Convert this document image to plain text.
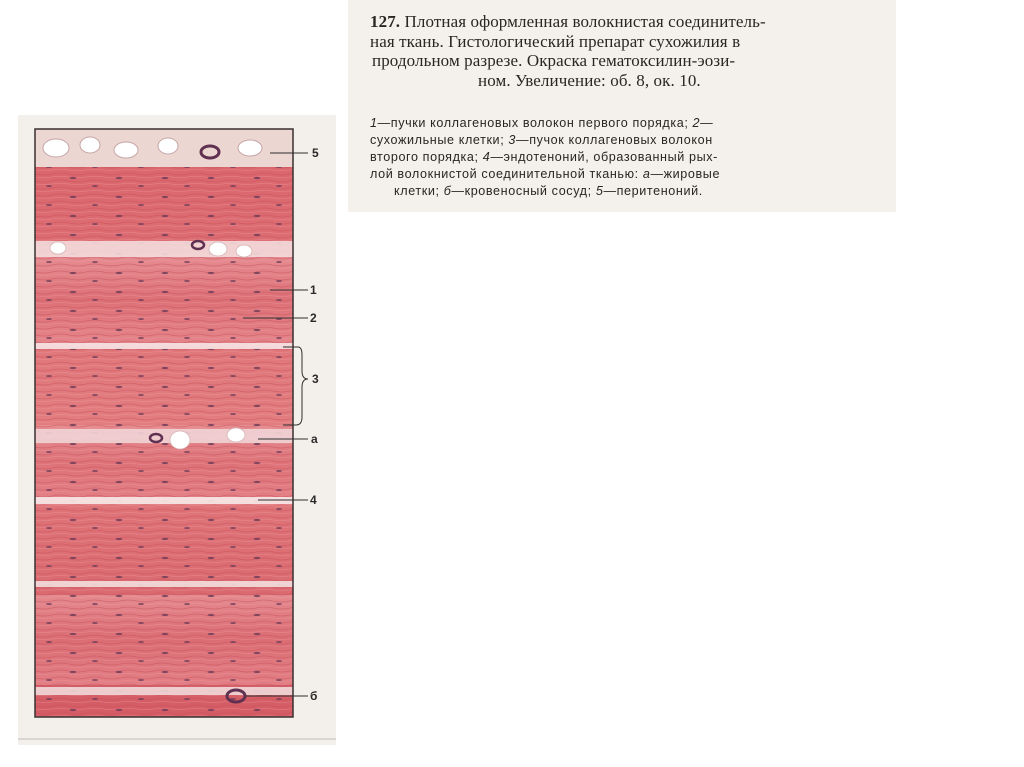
5
1
2
3
а
4
б
127. Плотная оформленная волокнистая соединитель-
ная ткань. Гистологический препарат сухожилия в
продольном разрезе. Окраска гематоксилин-эози-
ном. Увеличение: об. 8, ок. 10.
1—пучки коллагеновых волокон первого порядка; 2—
сухожильные клетки; 3—пучок коллагеновых волокон
второго порядка; 4—эндотеноний, образованный рых-
лой волокнистой соединительной тканью: а—жировые
клетки; б—кровеносный сосуд; 5—перитеноний.
